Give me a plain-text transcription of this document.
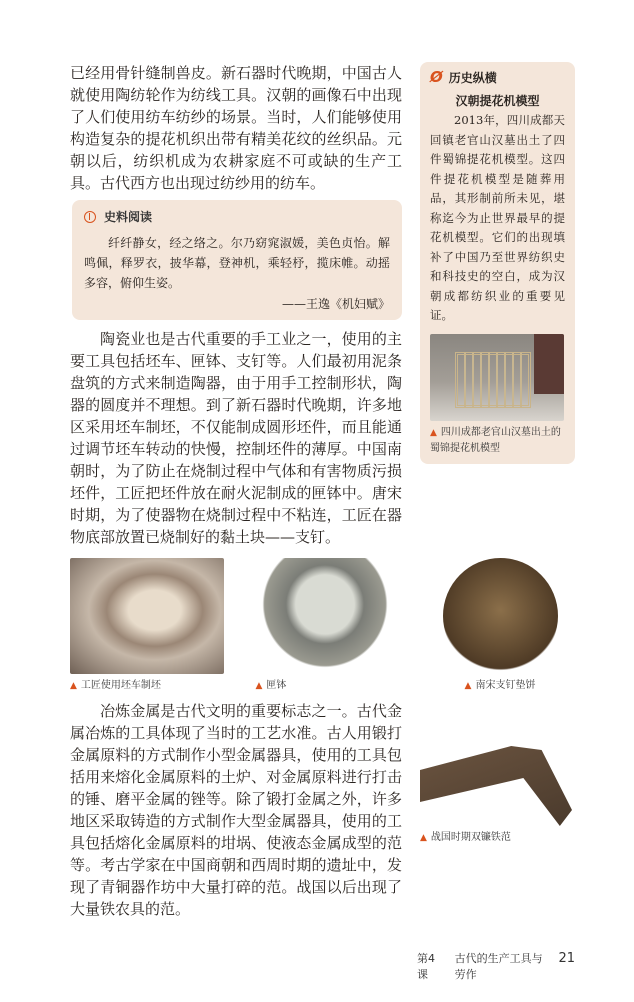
已经用骨针缝制兽皮。新石器时代晚期，中国古人就使用陶纺轮作为纺线工具。汉朝的画像石中出现了人们使用纺车纺纱的场景。当时，人们能够使用构造复杂的提花机织出带有精美花纹的丝织品。元朝以后，纺织机成为农耕家庭不可或缺的生产工具。古代西方也出现过纺纱用的纺车。

史料阅读

纤纤静女，经之络之。尔乃窈窕淑媛，美色贞怡。解鸣佩，释罗衣，披华幕，登神机，乘轻杼，揽床帷。动摇多容，俯仰生姿。

——王逸《机妇赋》

陶瓷业也是古代重要的手工业之一，使用的主要工具包括坯车、匣钵、支钉等。人们最初用泥条盘筑的方式来制造陶器，由于用手工控制形状，陶器的圆度并不理想。到了新石器时代晚期，许多地区采用坯车制坯，不仅能制成圆形坯件，而且能通过调节坯车转动的快慢，控制坯件的薄厚。中国南朝时，为了防止在烧制过程中气体和有害物质污损坯件，工匠把坯件放在耐火泥制成的匣钵中。唐宋时期，为了使器物在烧制过程中不粘连，工匠在器物底部放置已烧制好的黏土块——支钉。

Ø 历史纵横
汉朝提花机模型

2013年，四川成都天回镇老官山汉墓出土了四件蜀锦提花机模型。这四件提花机模型是随葬用品，其形制前所未见，堪称迄今为止世界最早的提花机模型。它们的出现填补了中国乃至世界纺织史和科技史的空白，成为汉朝成都纺织业的重要见证。

▲ 四川成都老官山汉墓出土的蜀锦提花机模型
▲ 工匠使用坯车制坯	▲ 匣钵	▲ 南宋支钉垫饼

冶炼金属是古代文明的重要标志之一。古代金属冶炼的工具体现了当时的工艺水准。古人用锻打金属原料的方式制作小型金属器具，使用的工具包括用来熔化金属原料的土炉、对金属原料进行打击的锤、磨平金属的锉等。除了锻打金属之外，许多地区采取铸造的方式制作大型金属器具，使用的工具包括熔化金属原料的坩埚、使液态金属成型的范等。考古学家在中国商朝和西周时期的遗址中，发现了青铜器作坊中大量打碎的范。战国以后出现了大量铁农具的范。

▲ 战国时期双镰铁范
第4课
古代的生产工具与劳作
21
